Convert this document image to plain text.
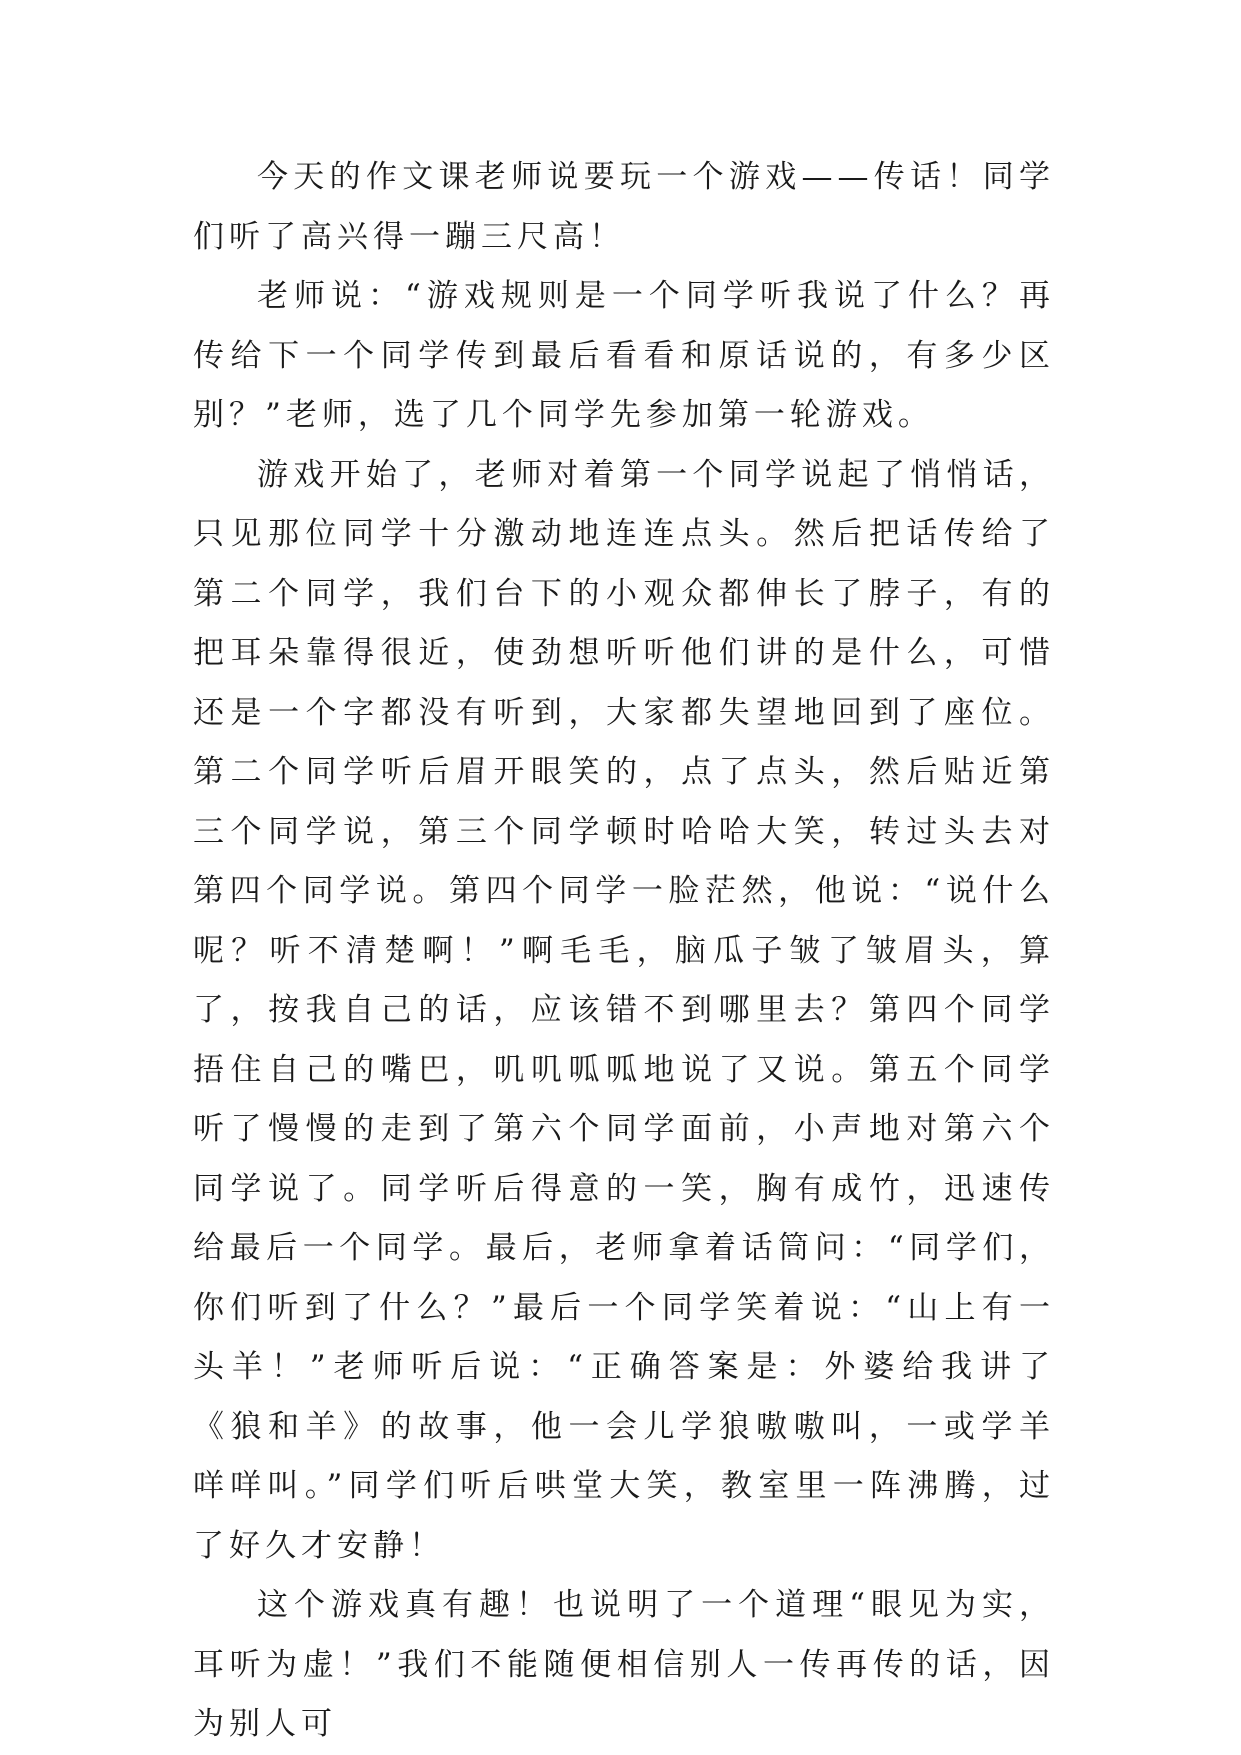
今天的作文课老师说要玩一个游戏——传话！同学们听了高兴得一蹦三尺高！

老师说：“游戏规则是一个同学听我说了什么？再传给下一个同学传到最后看看和原话说的，有多少区别？”老师，选了几个同学先参加第一轮游戏。

游戏开始了，老师对着第一个同学说起了悄悄话，只见那位同学十分激动地连连点头。然后把话传给了第二个同学，我们台下的小观众都伸长了脖子，有的把耳朵靠得很近，使劲想听听他们讲的是什么，可惜还是一个字都没有听到，大家都失望地回到了座位。第二个同学听后眉开眼笑的，点了点头，然后贴近第三个同学说，第三个同学顿时哈哈大笑，转过头去对第四个同学说。第四个同学一脸茫然，他说：“说什么呢？听不清楚啊！”啊毛毛，脑瓜子皱了皱眉头，算了，按我自己的话，应该错不到哪里去？第四个同学捂住自己的嘴巴，叽叽呱呱地说了又说。第五个同学听了慢慢的走到了第六个同学面前，小声地对第六个同学说了。同学听后得意的一笑，胸有成竹，迅速传给最后一个同学。最后，老师拿着话筒问：“同学们，你们听到了什么？”最后一个同学笑着说：“山上有一头羊！”老师听后说：“正确答案是：外婆给我讲了《狼和羊》的故事，他一会儿学狼嗷嗷叫，一或学羊咩咩叫。”同学们听后哄堂大笑，教室里一阵沸腾，过了好久才安静！

这个游戏真有趣！也说明了一个道理“眼见为实，耳听为虚！”我们不能随便相信别人一传再传的话，因为别人可
